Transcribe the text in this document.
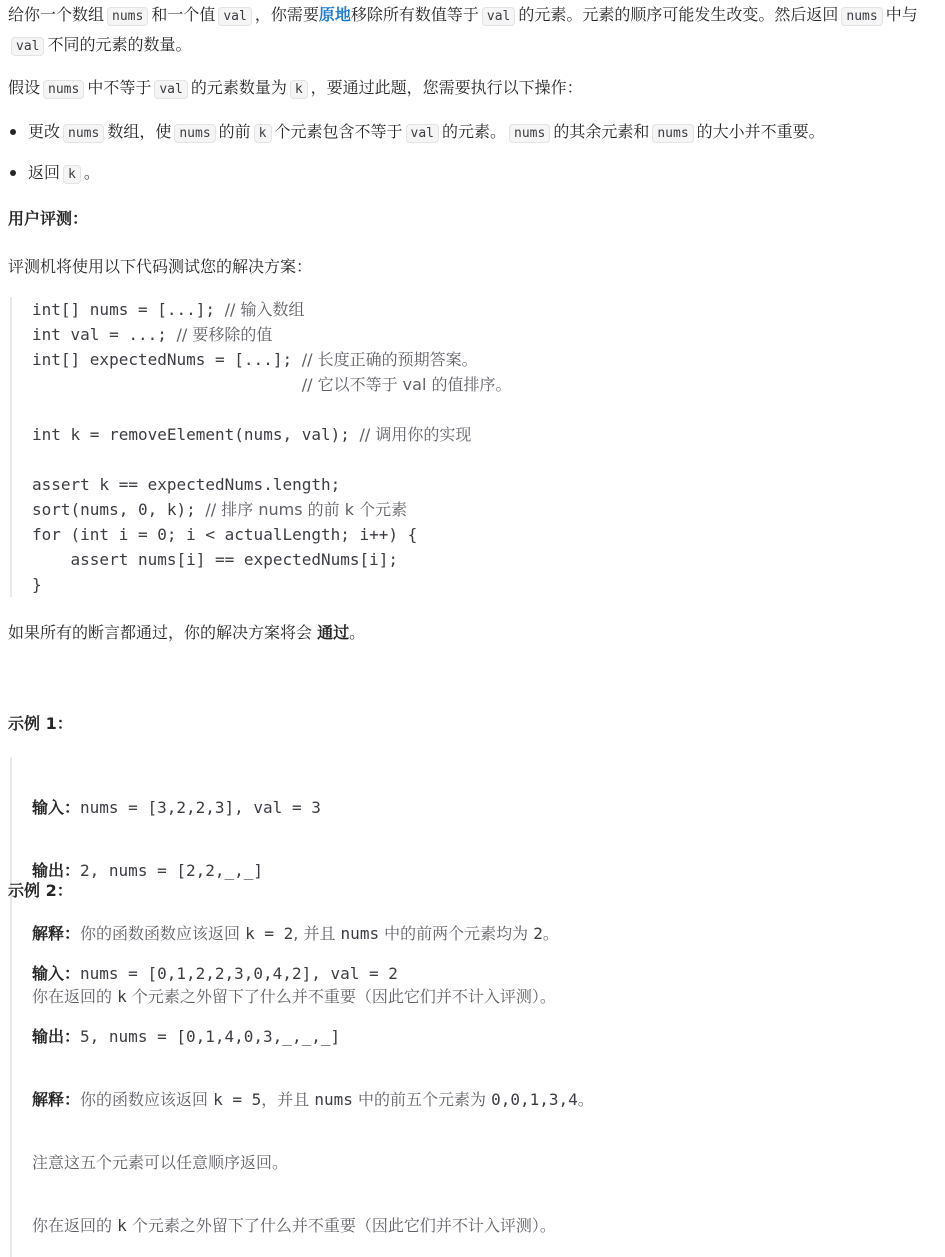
给你一个数组 nums 和一个值 val ，你需要原地移除所有数值等于 val 的元素。元素的顺序可能发生改变。然后返回 nums 中与val 不同的元素的数量。
假设 nums 中不等于 val 的元素数量为 k ，要通过此题，您需要执行以下操作：
更改 nums 数组，使 nums 的前 k 个元素包含不等于 val 的元素。 nums 的其余元素和 nums 的大小并不重要。
返回 k 。
用户评测：
评测机将使用以下代码测试您的解决方案：
int[] nums = [...]; // 输入数组
int val = ...; // 要移除的值
int[] expectedNums = [...]; // 长度正确的预期答案。
// 它以不等于 val 的值排序。
int k = removeElement(nums, val); // 调用你的实现
assert k == expectedNums.length;
sort(nums, 0, k); // 排序 nums 的前 k 个元素
for (int i = 0; i < actualLength; i++) {
assert nums[i] == expectedNums[i];
}
如果所有的断言都通过，你的解决方案将会 通过。
示例 1：

输入：nums = [3,2,2,3], val = 3

输出：2, nums = [2,2,_,_]

解释：你的函数函数应该返回 k = 2, 并且 nums 中的前两个元素均为 2。

你在返回的 k 个元素之外留下了什么并不重要（因此它们并不计入评测）。

示例 2：

输入：nums = [0,1,2,2,3,0,4,2], val = 2

输出：5, nums = [0,1,4,0,3,_,_,_]

解释：你的函数应该返回 k = 5，并且 nums 中的前五个元素为 0,0,1,3,4。

注意这五个元素可以任意顺序返回。

你在返回的 k 个元素之外留下了什么并不重要（因此它们并不计入评测）。
